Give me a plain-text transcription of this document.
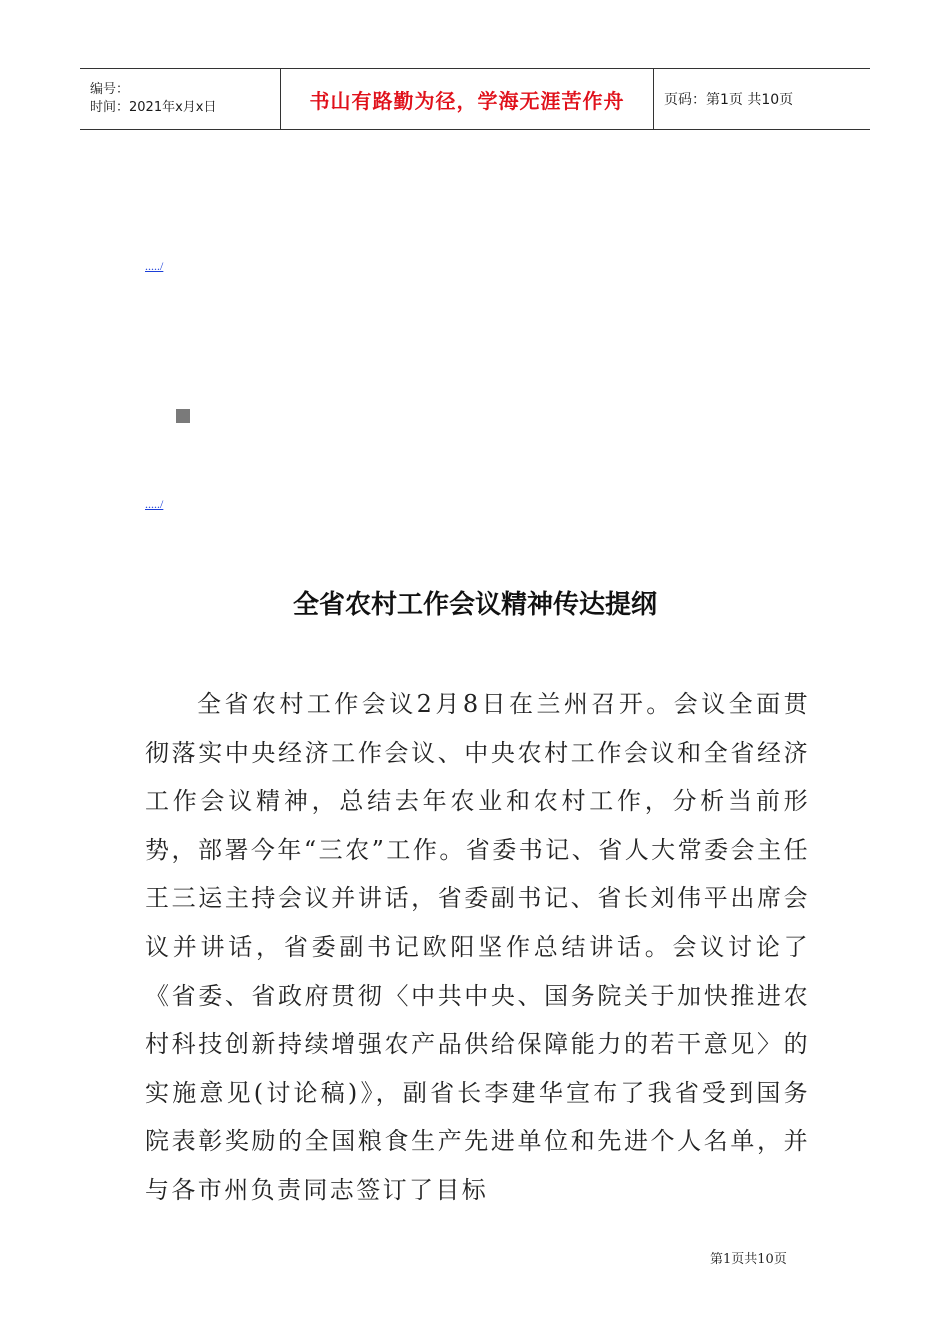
编号：
时间：2021年x月x日	书山有路勤为径，学海无涯苦作舟	页码：第1页 共10页
...../
...../
全省农村工作会议精神传达提纲

全省农村工作会议2月8日在兰州召开。会议全面贯彻落实中央经济工作会议、中央农村工作会议和全省经济工作会议精神，总结去年农业和农村工作，分析当前形势，部署今年“三农”工作。省委书记、省人大常委会主任王三运主持会议并讲话，省委副书记、省长刘伟平出席会议并讲话，省委副书记欧阳坚作总结讲话。会议讨论了《省委、省政府贯彻〈中共中央、国务院关于加快推进农村科技创新持续增强农产品供给保障能力的若干意见〉的实施意见(讨论稿)》，副省长李建华宣布了我省受到国务院表彰奖励的全国粮食生产先进单位和先进个人名单，并与各市州负责同志签订了目标

第1页共10页
